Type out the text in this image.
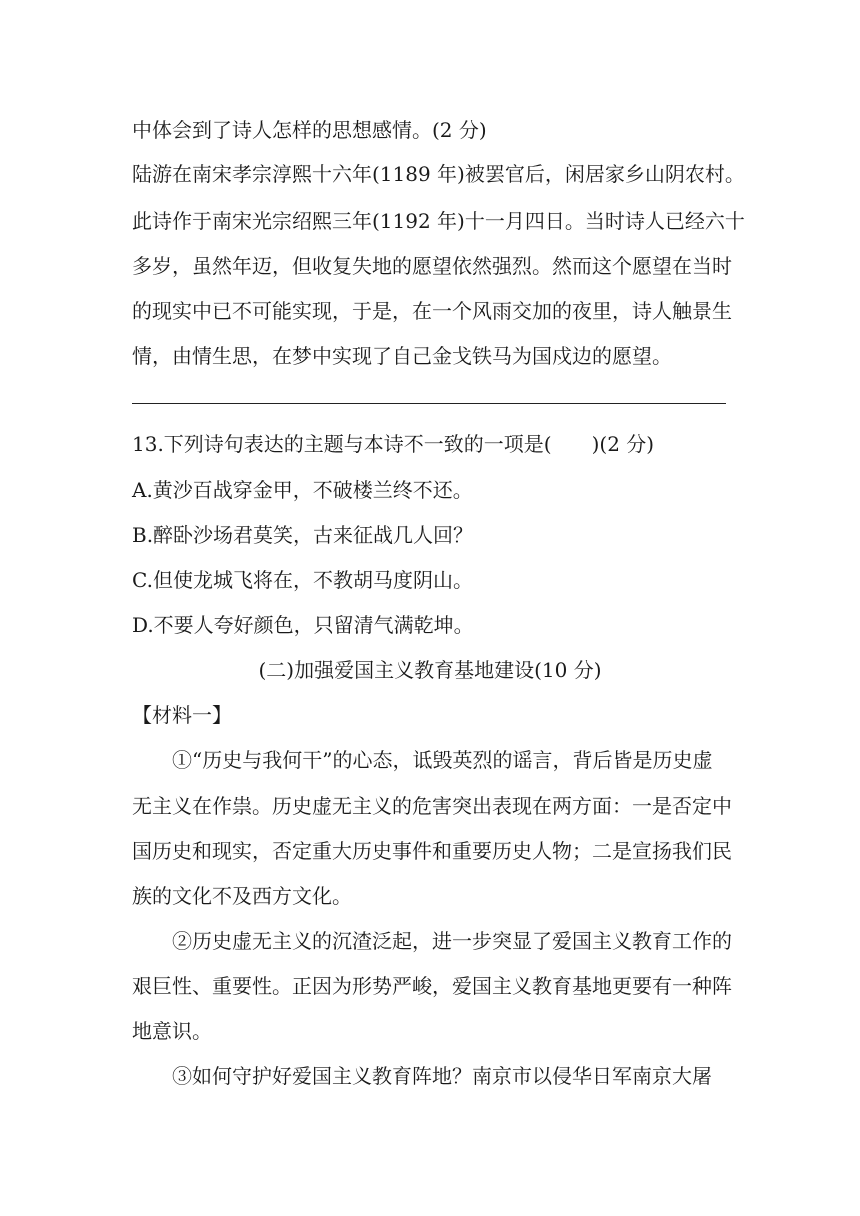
中体会到了诗人怎样的思想感情。(2 分)
陆游在南宋孝宗淳熙十六年(1189 年)被罢官后，闲居家乡山阴农村。
此诗作于南宋光宗绍熙三年(1192 年)十一月四日。当时诗人已经六十
多岁，虽然年迈，但收复失地的愿望依然强烈。然而这个愿望在当时
的现实中已不可能实现，于是，在一个风雨交加的夜里，诗人触景生
情，由情生思，在梦中实现了自己金戈铁马为国戍边的愿望。
13.下列诗句表达的主题与本诗不一致的一项是(　　)(2 分)
A.黄沙百战穿金甲，不破楼兰终不还。
B.醉卧沙场君莫笑，古来征战几人回？
C.但使龙城飞将在，不教胡马度阴山。
D.不要人夸好颜色，只留清气满乾坤。
(二)加强爱国主义教育基地建设(10 分)
【材料一】
①“历史与我何干”的心态，诋毁英烈的谣言，背后皆是历史虚
无主义在作祟。历史虚无主义的危害突出表现在两方面：一是否定中
国历史和现实，否定重大历史事件和重要历史人物；二是宣扬我们民
族的文化不及西方文化。
②历史虚无主义的沉渣泛起，进一步突显了爱国主义教育工作的
艰巨性、重要性。正因为形势严峻，爱国主义教育基地更要有一种阵
地意识。
③如何守护好爱国主义教育阵地？南京市以侵华日军南京大屠
